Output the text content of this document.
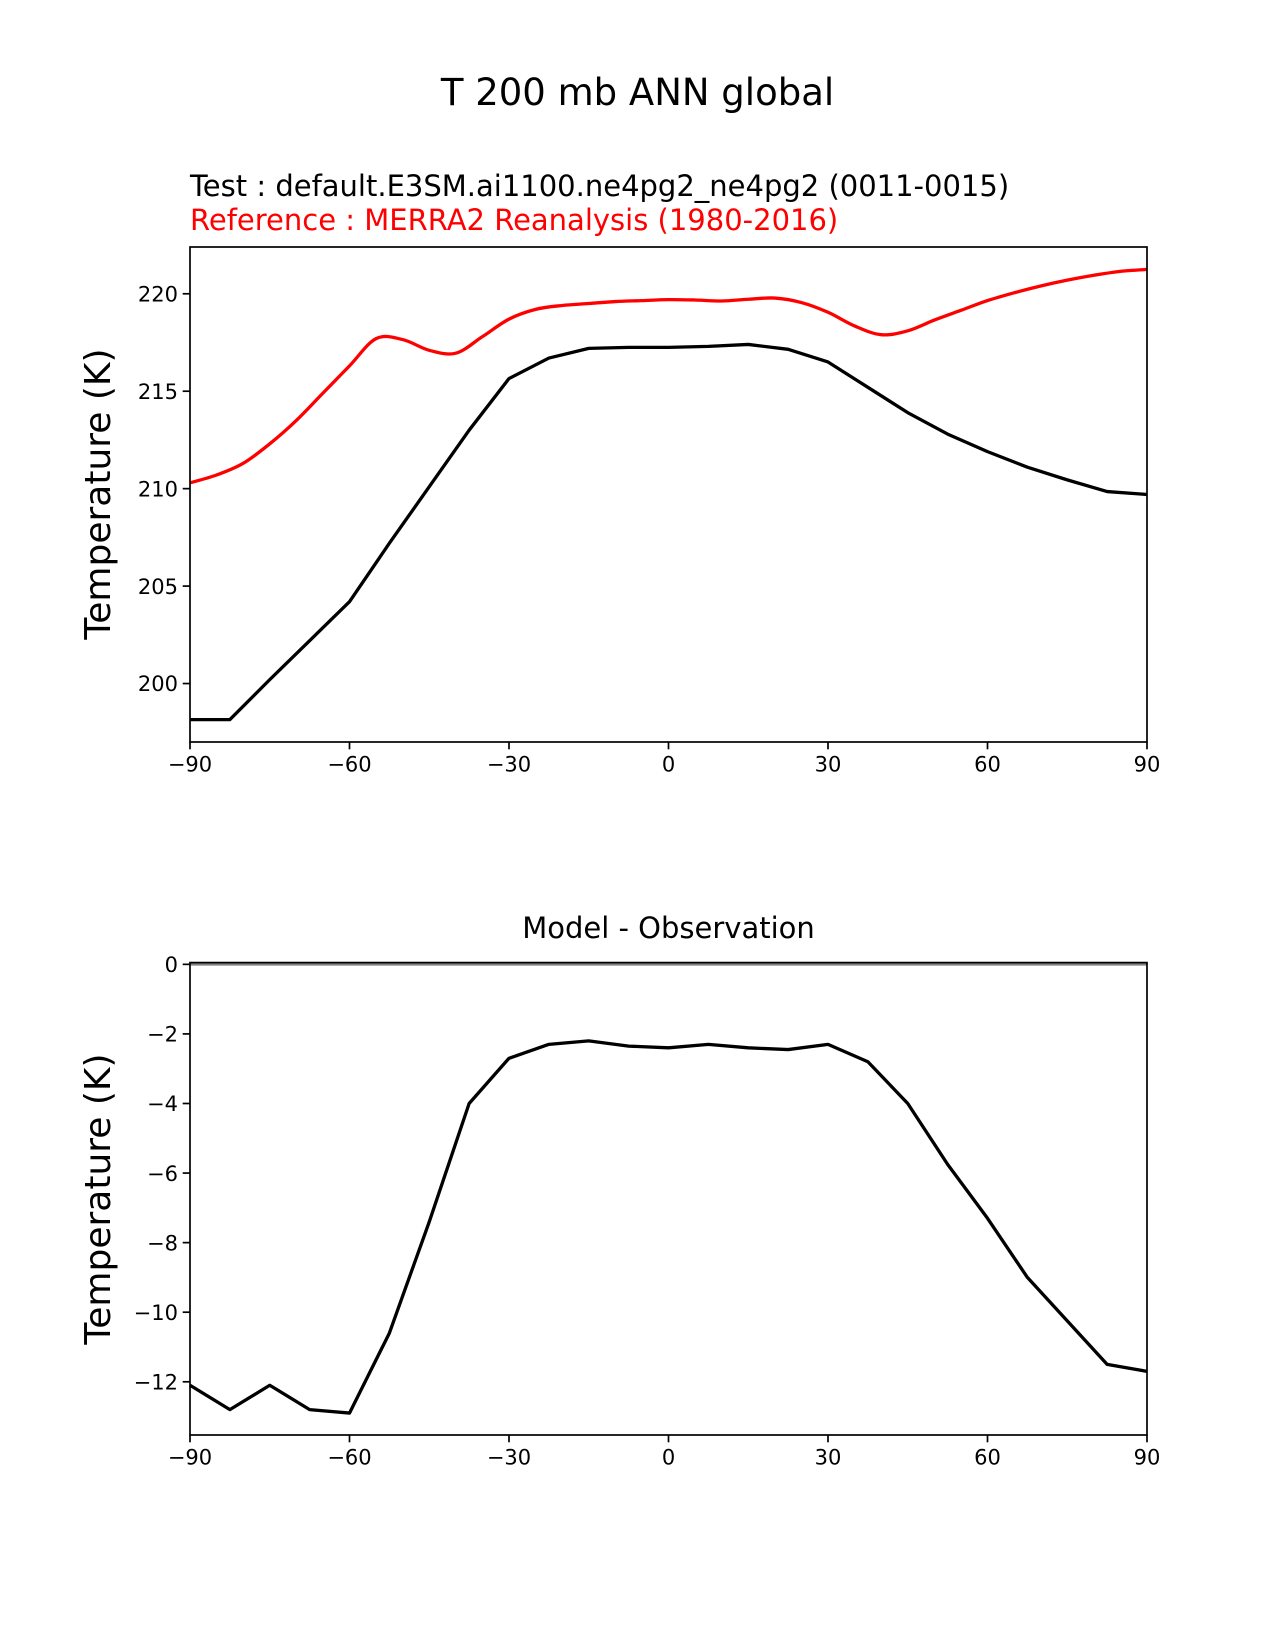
T 200 mb ANN global
Test : default.E3SM.ai1100.ne4pg2_ne4pg2 (0011-0015)
Reference : MERRA2 Reanalysis (1980-2016)
Temperature (K)
Model - Observation
Temperature (K)
−90	−60	−30	0	30	60	90
200
205
210
215
220
−90	−60	−30	0	30	60	90
0
−2
−4
−6
−8
−10
−12
